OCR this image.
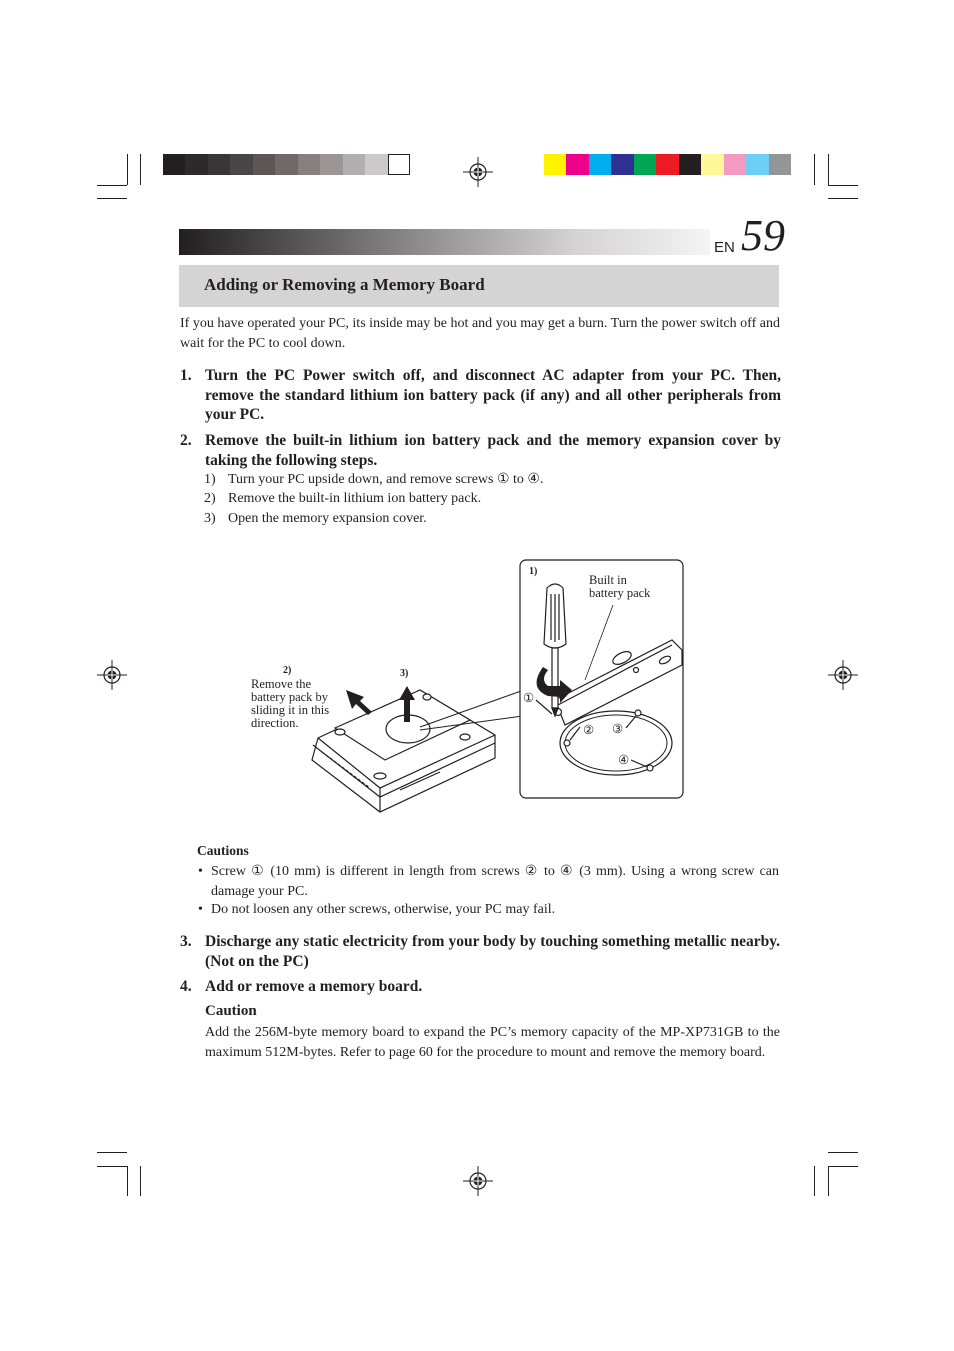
EN 59
Adding or Removing a Memory Board
If you have operated your PC, its inside may be hot and you may get a burn. Turn the power switch off and wait for the PC to cool down.
1. Turn the PC Power switch off, and disconnect AC adapter from your PC. Then, remove the standard lithium ion battery pack (if any) and all other peripherals from your PC.
2. Remove the built-in lithium ion battery pack and the memory expansion cover by taking the following steps.
1) Turn your PC upside down, and remove screws ① to ④.
2) Remove the built-in lithium ion battery pack.
3) Open the memory expansion cover.
1)
Built in
battery pack
2)
Remove the
battery pack by
sliding it in this
direction.
3)
①
② ③
④
Cautions
• Screw ① (10 mm) is different in length from screws ② to ④ (3 mm). Using a wrong screw can damage your PC.
• Do not loosen any other screws, otherwise, your PC may fail.
3. Discharge any static electricity from your body by touching something metallic nearby. (Not on the PC)
4. Add or remove a memory board.
Caution
Add the 256M-byte memory board to expand the PC’s memory capacity of the MP-XP731GB to the maximum 512M-bytes. Refer to page 60 for the procedure to mount and remove the memory board.
